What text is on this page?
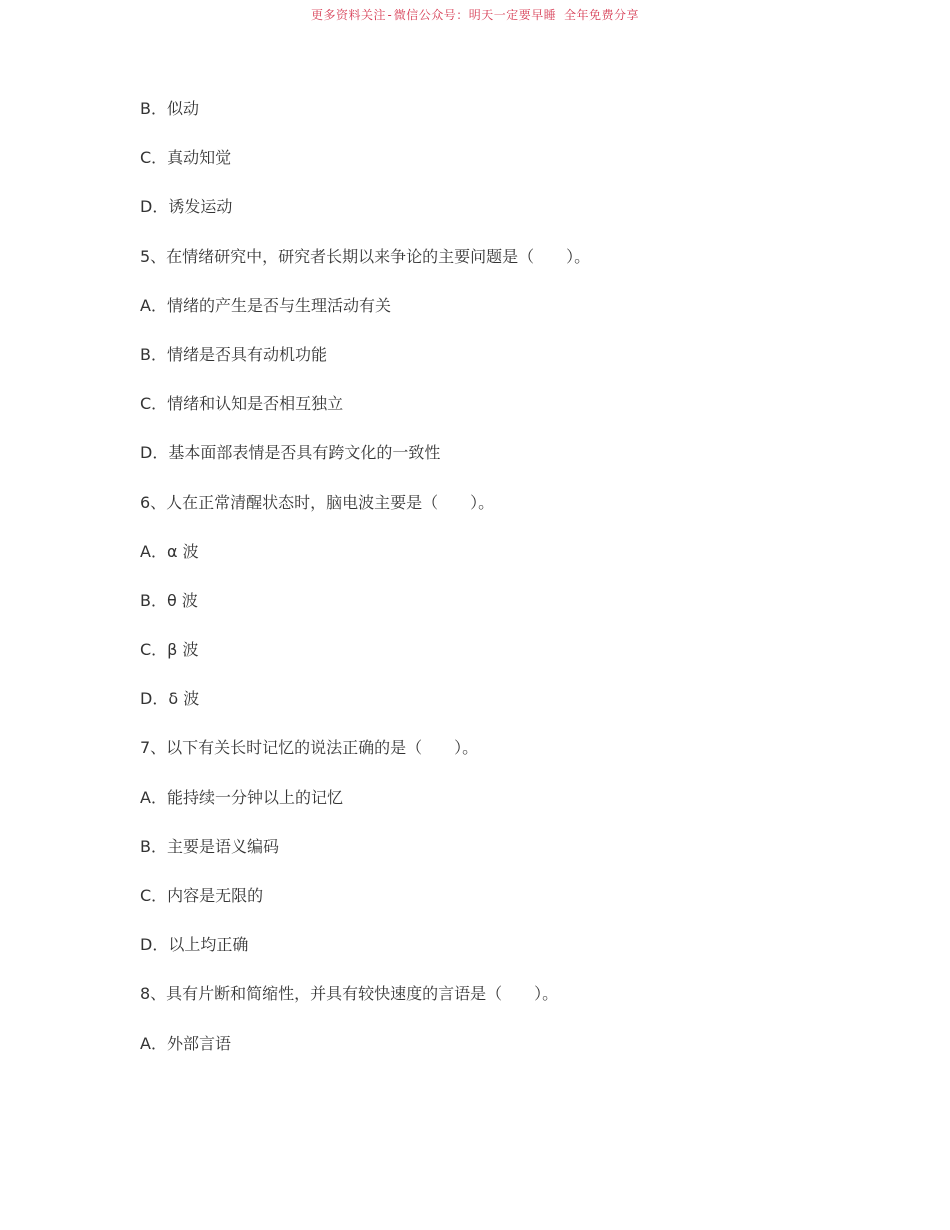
更多资料关注-微信公众号：明天一定要早睡 全年免费分享
B．似动
C．真动知觉
D．诱发运动
5、在情绪研究中，研究者长期以来争论的主要问题是（　　）。
A．情绪的产生是否与生理活动有关
B．情绪是否具有动机功能
C．情绪和认知是否相互独立
D．基本面部表情是否具有跨文化的一致性
6、人在正常清醒状态时，脑电波主要是（　　）。
A．α 波
B．θ 波
C．β 波
D．δ 波
7、以下有关长时记忆的说法正确的是（　　）。
A．能持续一分钟以上的记忆
B．主要是语义编码
C．内容是无限的
D．以上均正确
8、具有片断和简缩性，并具有较快速度的言语是（　　）。
A．外部言语
